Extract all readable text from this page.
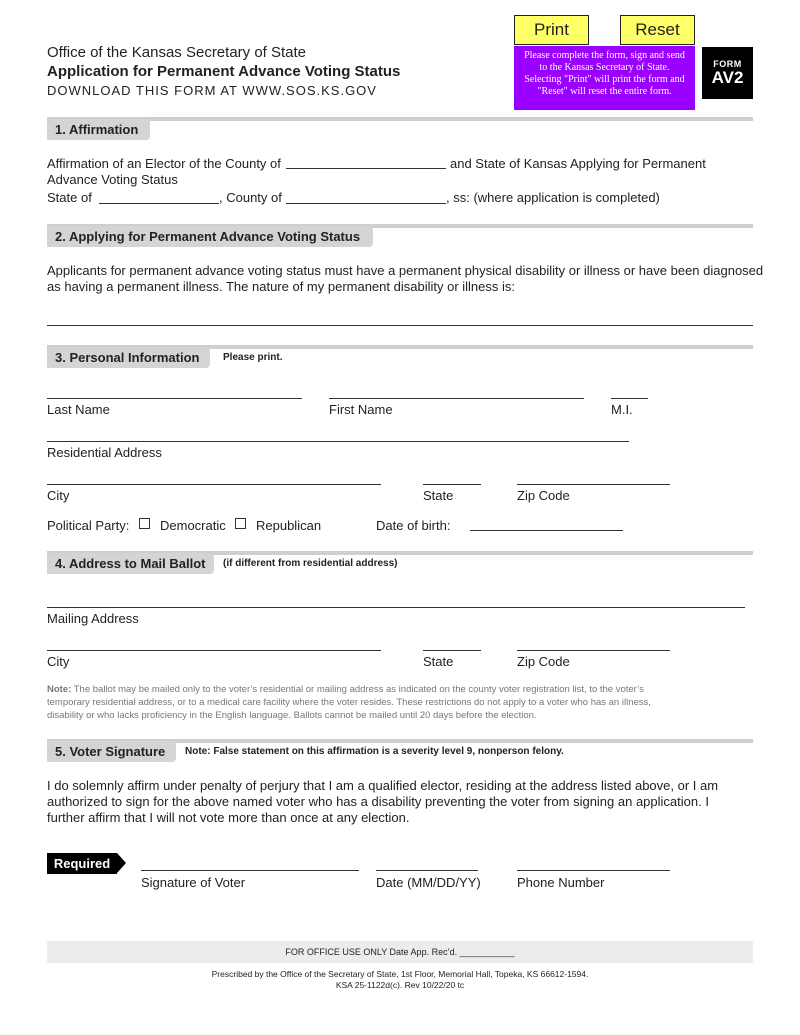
Office of the Kansas Secretary of State
Application for Permanent Advance Voting Status
DOWNLOAD THIS FORM AT WWW.SOS.KS.GOV
Print	Reset
Please complete the form, sign and send to the Kansas Secretary of State. Selecting "Print" will print the form and "Reset" will reset the entire form.
FORM
AV2
1. Affirmation
Affirmation of an Elector of the County of	and State of Kansas Applying for Permanent
Advance Voting Status
State of	, County of	, ss: (where application is completed)
2. Applying for Permanent Advance Voting Status
Applicants for permanent advance voting status must have a permanent physical disability or illness or have been diagnosed
as having a permanent illness. The nature of my permanent disability or illness is:
3. Personal Information	Please print.
Last Name	First Name	M.I.
Residential Address
City	State	Zip Code
Political Party: Democratic Republican	Date of birth:
4. Address to Mail Ballot	(if different from residential address)
Mailing Address
City	State	Zip Code
Note: The ballot may be mailed only to the voter’s residential or mailing address as indicated on the county voter registration list, to the voter’s
temporary residential address, or to a medical care facility where the voter resides. These restrictions do not apply to a voter who has an illness,
disability or who lacks proficiency in the English language. Ballots cannot be mailed until 20 days before the election.
5. Voter Signature	Note: False statement on this affirmation is a severity level 9, nonperson felony.
I do solemnly affirm under penalty of perjury that I am a qualified elector, residing at the address listed above, or I am
authorized to sign for the above named voter who has a disability preventing the voter from signing an application. I
further affirm that I will not vote more than once at any election.
Required
Signature of Voter	Date (MM/DD/YY)	Phone Number
FOR OFFICE USE ONLY Date App. Rec’d. ___________
Prescribed by the Office of the Secretary of State, 1st Floor, Memorial Hall, Topeka, KS 66612-1594.
KSA 25-1122d(c). Rev 10/22/20 tc
